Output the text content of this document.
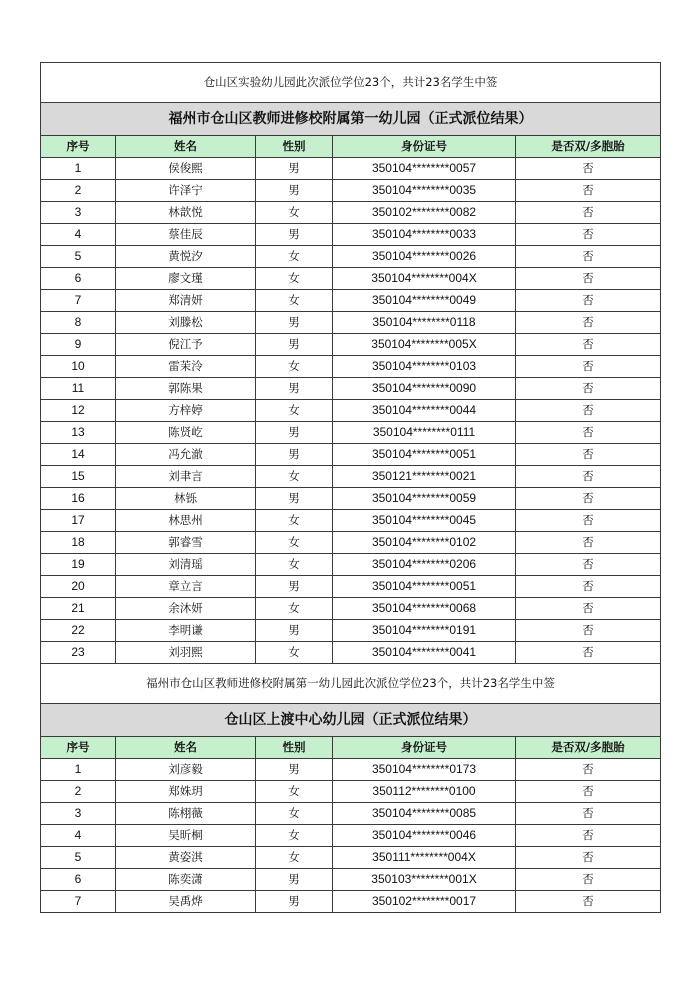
仓山区实验幼儿园此次派位学位23个，共计23名学生中签				
福州市仓山区教师进修校附属第一幼儿园（正式派位结果）				
序号	姓名	性别	身份证号	是否双/多胞胎
1	侯俊熙	男	350104********0057	否
2	许泽宁	男	350104********0035	否
3	林歆悦	女	350102********0082	否
4	蔡佳辰	男	350104********0033	否
5	黄悦汐	女	350104********0026	否
6	廖文瑾	女	350104********004X	否
7	郑清妍	女	350104********0049	否
8	刘滕松	男	350104********0118	否
9	倪江予	男	350104********005X	否
10	雷茉泠	女	350104********0103	否
11	郭陈果	男	350104********0090	否
12	方梓婷	女	350104********0044	否
13	陈贤屹	男	350104********0111	否
14	冯允澈	男	350104********0051	否
15	刘聿言	女	350121********0021	否
16	林铄	男	350104********0059	否
17	林思州	女	350104********0045	否
18	郭睿雪	女	350104********0102	否
19	刘清瑶	女	350104********0206	否
20	章立言	男	350104********0051	否
21	余沐妍	女	350104********0068	否
22	李明谦	男	350104********0191	否
23	刘羽熙	女	350104********0041	否
福州市仓山区教师进修校附属第一幼儿园此次派位学位23个，共计23名学生中签				
仓山区上渡中心幼儿园（正式派位结果）				
序号	姓名	性别	身份证号	是否双/多胞胎
1	刘彦毅	男	350104********0173	否
2	郑姝玥	女	350112********0100	否
3	陈栩薇	女	350104********0085	否
4	吴昕桐	女	350104********0046	否
5	黄姿淇	女	350111********004X	否
6	陈奕潇	男	350103********001X	否
7	吴禹烨	男	350102********0017	否
